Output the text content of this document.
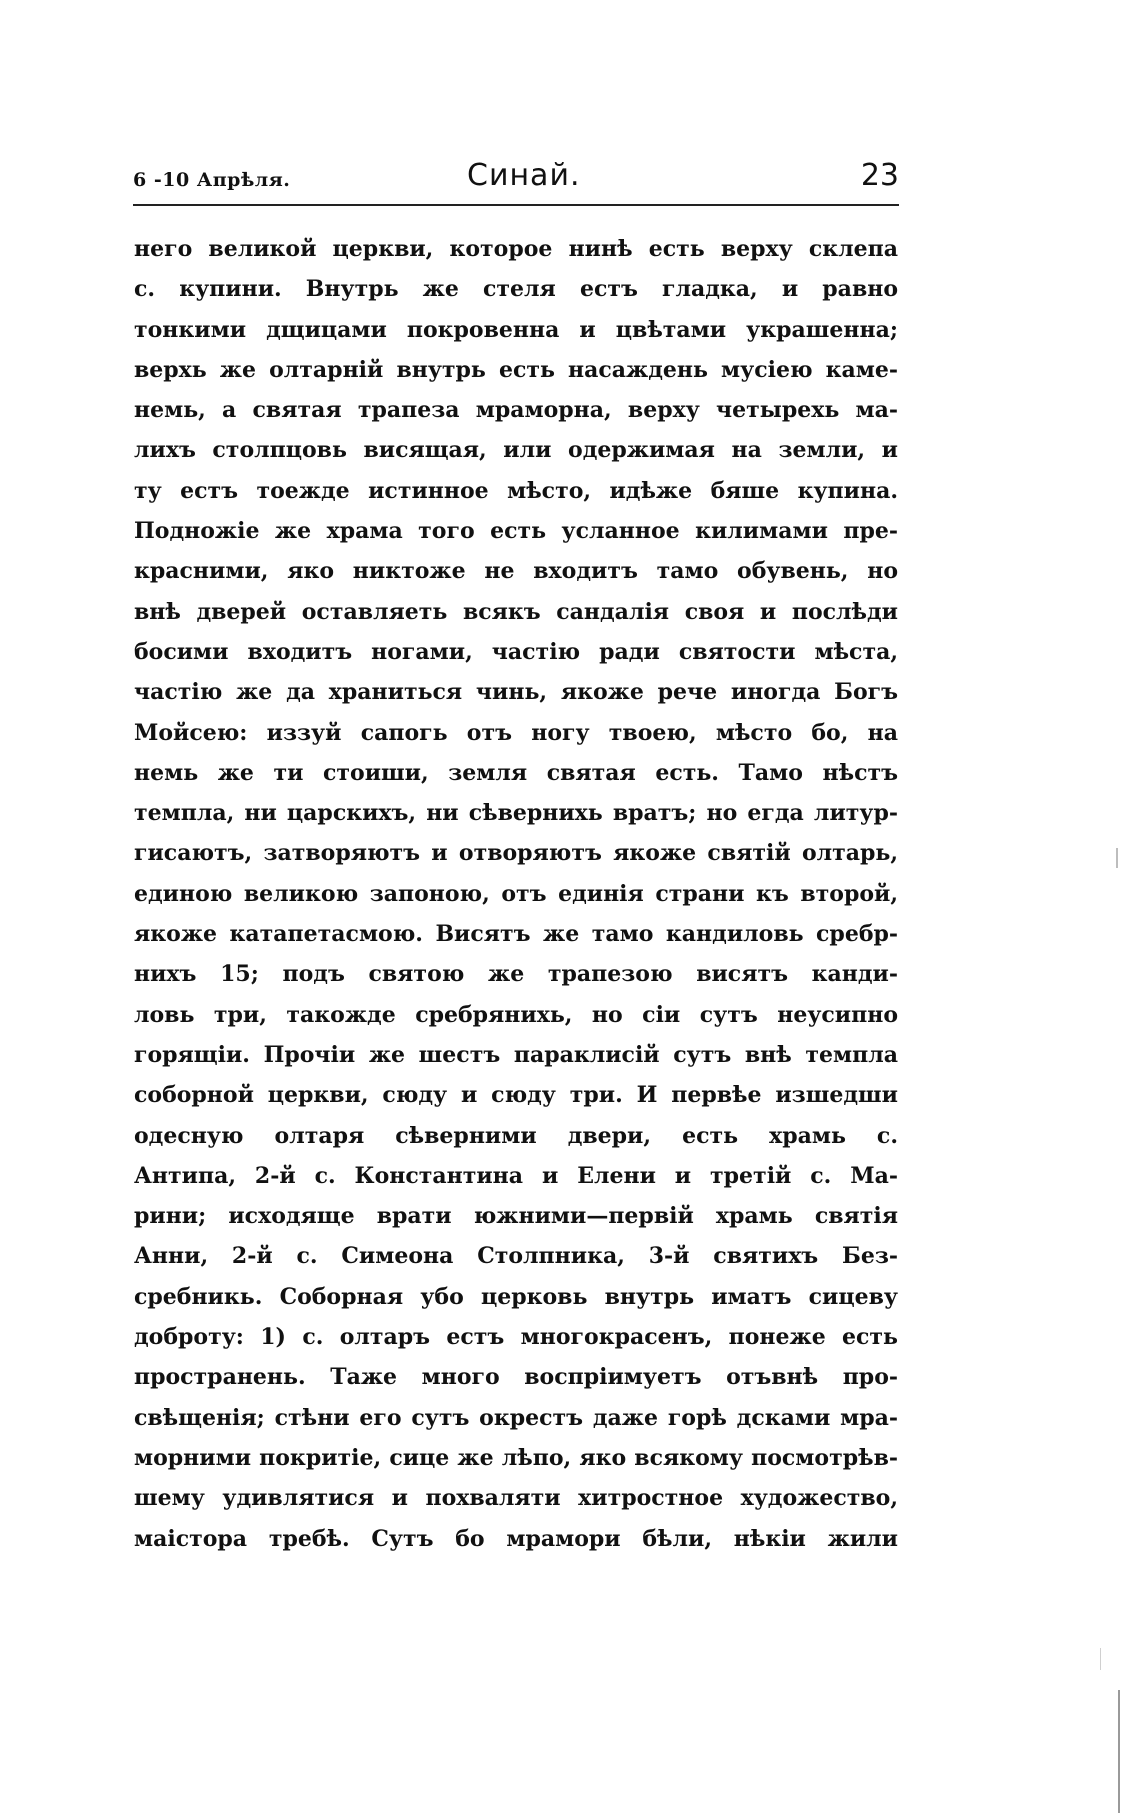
6 -10 Апрѣля.	Синай.	23
него великой церкви, которое нинѣ есть верху склепа
с. купини. Внутрь же стеля естъ гладка, и равно
тонкими дщицами покровенна и цвѣтами украшенна;
верхь же олтарній внутрь есть насаждень мусіею каме-
немь, а святая трапеза мраморна, верху четырехь ма-
лихъ столпцовь висящая, или одержимая на земли, и
ту естъ тоежде истинное мѣсто, идѣже бяше купина.
Подножіе же храма того есть усланное килимами пре-
красними, яко никтоже не входитъ тамо обувень, но
внѣ дверей оставляеть всякъ сандалія своя и послѣди
босими входитъ ногами, частію ради святости мѣста,
частію же да храниться чинь, якоже рече иногда Богъ
Мойсею: иззуй сапогь отъ ногу твоею, мѣсто бо, на
немь же ти стоиши, земля святая есть. Тамо нѣстъ
темпла, ни царскихъ, ни сѣверниxь вратъ; но егда литур-
гисаютъ, затворяютъ и отворяютъ якоже святій олтарь,
единою великою запоною, отъ единія страни къ второй,
якоже катапетасмою. Висятъ же тамо кандиловь сребр-
нихъ 15; подъ святою же трапезою висятъ канди-
ловь три, такожде сребряниxь, но сіи сутъ неусипно
горящіи. Прочіи же шестъ параклисій сутъ внѣ темпла
соборной церкви, сюду и сюду три. И первѣе изшедши
одесную олтаря сѣверними двери, есть храмь с.
Антипа, 2-й с. Константина и Елени и третій с. Ма-
рини; исходяще врати южними—первій храмь святія
Анни, 2-й с. Симеона Столпника, 3-й святихъ Без-
сребникь. Соборная убо церковь внутрь иматъ сицеву
доброту: 1) с. олтаръ естъ многокрасенъ, понеже есть
пространень. Таже много воспріимуетъ отъвнѣ про-
свѣщенія; стѣни его сутъ окрестъ даже горѣ дсками мра-
морними покритіе, сице же лѣпо, яко всякому посмотрѣв-
шему удивлятися и похваляти хитростное художество,
маістора требѣ. Сутъ бо мрамори бѣли, нѣкіи жили
